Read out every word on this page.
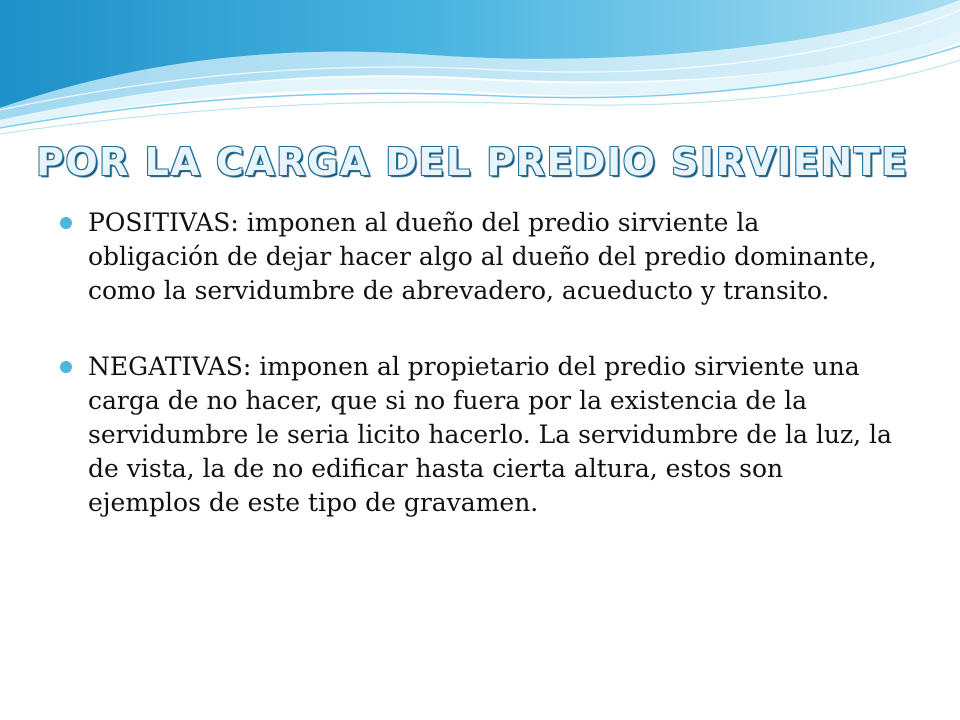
POR LA CARGA DEL PREDIO SIRVIENTE
POSITIVAS: imponen al dueño del predio sirviente la obligación de dejar hacer algo al dueño del predio dominante, como la servidumbre de abrevadero, acueducto y transito.
NEGATIVAS: imponen al propietario del predio sirviente una carga de no hacer, que si no fuera por la existencia de la servidumbre le seria licito hacerlo. La servidumbre de la luz, la de vista, la de no edificar hasta cierta altura, estos son ejemplos de este tipo de gravamen.
